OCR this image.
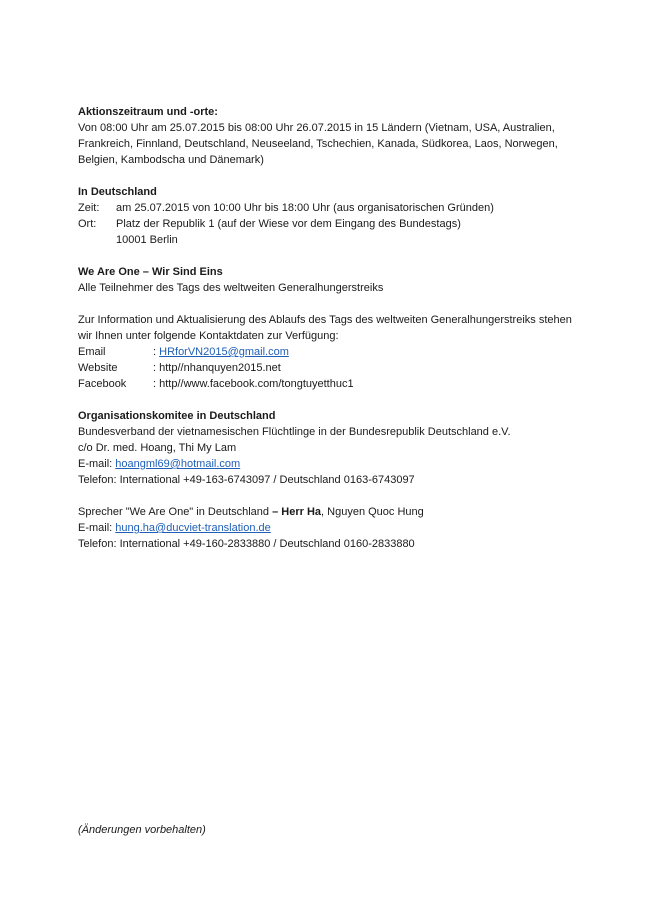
Aktionszeitraum und -orte:
Von 08:00 Uhr am 25.07.2015 bis 08:00 Uhr 26.07.2015 in 15 Ländern (Vietnam, USA, Australien, Frankreich, Finnland, Deutschland, Neuseeland, Tschechien, Kanada, Südkorea, Laos, Norwegen, Belgien, Kambodscha und Dänemark)
In Deutschland
Zeit:	am 25.07.2015 von 10:00 Uhr bis 18:00 Uhr (aus organisatorischen Gründen)
Ort:	Platz der Republik 1 (auf der Wiese vor dem Eingang des Bundestags)
10001 Berlin
We Are One – Wir Sind Eins
Alle Teilnehmer des Tags des weltweiten Generalhungerstreiks
Zur Information und Aktualisierung des Ablaufs des Tags des weltweiten Generalhungerstreiks stehen wir Ihnen unter folgende Kontaktdaten zur Verfügung:
Email	: HRforVN2015@gmail.com
Website	: http//nhanquyen2015.net
Facebook	: http//www.facebook.com/tongtuyetthuc1
Organisationskomitee in Deutschland
Bundesverband der vietnamesischen Flüchtlinge in der Bundesrepublik Deutschland e.V.
c/o Dr. med. Hoang, Thi My Lam
E-mail: hoangml69@hotmail.com
Telefon: International +49-163-6743097 / Deutschland 0163-6743097
Sprecher "We Are One" in Deutschland – Herr Ha, Nguyen Quoc Hung
E-mail: hung.ha@ducviet-translation.de
Telefon: International +49-160-2833880 / Deutschland 0160-2833880
(Änderungen vorbehalten)
